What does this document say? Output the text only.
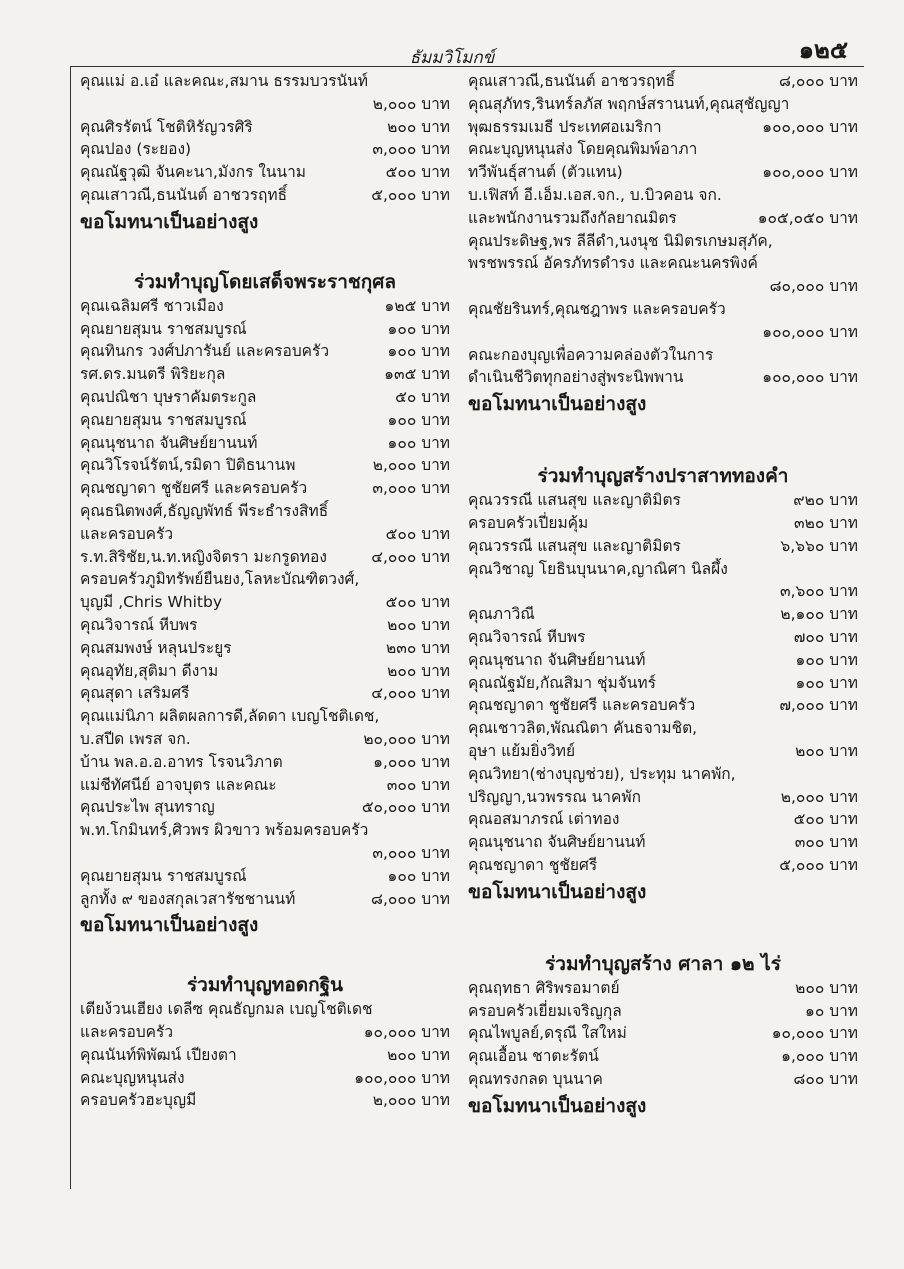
๑๒๕
ธัมมวิโมกข์
คุณแม่ อ.เอ๋ และคณะ,สมาน ธรรมบวรนันท์
๒,๐๐๐ บาท
คุณศิรรัตน์ โชติหิรัญวรศิริ	๒๐๐ บาท
คุณปอง (ระยอง)	๓,๐๐๐ บาท
คุณณัฐวุฒิ จันคะนา,มังกร ในนาม	๕๐๐ บาท
คุณเสาวณี,ธนนันต์ อาชวรฤทธิ์	๕,๐๐๐ บาท
ขอโมทนาเป็นอย่างสูง
ร่วมทำบุญโดยเสด็จพระราชกุศล
คุณเฉลิมศรี ชาวเมือง	๑๒๕ บาท
คุณยายสุมน ราชสมบูรณ์	๑๐๐ บาท
คุณทินกร วงศ์ปภารันย์ และครอบครัว	๑๐๐ บาท
รศ.ดร.มนตรี พิริยะกุล	๑๓๕ บาท
คุณปณิชา บุษราคัมตระกูล	๕๐ บาท
คุณยายสุมน ราชสมบูรณ์	๑๐๐ บาท
คุณนุชนาถ จันศิษย์ยานนท์	๑๐๐ บาท
คุณวิโรจน์รัตน์,รมิดา ปิติธนานพ	๒,๐๐๐ บาท
คุณชญาดา ชูชัยศรี และครอบครัว	๓,๐๐๐ บาท
คุณธนิตพงศ์,ธัญญพัทธ์ พีระธำรงสิทธิ์
และครอบครัว	๕๐๐ บาท
ร.ท.สิริชัย,น.ท.หญิงจิตรา มะกรูดทอง	๔,๐๐๐ บาท
ครอบครัวภูมิทรัพย์ยืนยง,โลหะบัณฑิตวงศ์,
บุญมี ,Chris Whitby	๕๐๐ บาท
คุณวิจารณ์ หีบพร	๒๐๐ บาท
คุณสมพงษ์ หลุนประยูร	๒๓๐ บาท
คุณอุทัย,สุติมา ดีงาม	๒๐๐ บาท
คุณสุดา เสริมศรี	๔,๐๐๐ บาท
คุณแม่นิภา ผลิตผลการดี,ลัดดา เบญโชติเดช,
บ.สปีด เพรส จก.	๒๐,๐๐๐ บาท
บ้าน พล.อ.อ.อาทร โรจนวิภาต	๑,๐๐๐ บาท
แม่ชีทัศนีย์ อาจบุตร และคณะ	๓๐๐ บาท
คุณประไพ สุนทราญ	๕๐,๐๐๐ บาท
พ.ท.โกมินทร์,ศิวพร ผิวขาว พร้อมครอบครัว
๓,๐๐๐ บาท
คุณยายสุมน ราชสมบูรณ์	๑๐๐ บาท
ลูกทั้ง ๙ ของสกุลเวสารัชชานนท์	๘,๐๐๐ บาท
ขอโมทนาเป็นอย่างสูง
ร่วมทำบุญทอดกฐิน
เตียง้วนเฮียง เดลีซ คุณธัญกมล เบญโชติเดช
และครอบครัว	๑๐,๐๐๐ บาท
คุณนันท์พิพัฒน์ เปียงตา	๒๐๐ บาท
คณะบุญหนุนส่ง	๑๐๐,๐๐๐ บาท
ครอบครัวฮะบุญมี	๒,๐๐๐ บาท
คุณเสาวณี,ธนนันต์ อาชวรฤทธิ์	๘,๐๐๐ บาท
คุณสุภัทร,รินทร์ลภัส พฤกษ์สรานนท์,คุณสุชัญญา
พุฒธรรมเมธี ประเทศอเมริกา	๑๐๐,๐๐๐ บาท
คณะบุญหนุนส่ง โดยคุณพิมพ์อาภา
ทวีพันธุ์สานต์ (ตัวแทน)	๑๐๐,๐๐๐ บาท
บ.เฟิสท์ อี.เอ็ม.เอส.จก., บ.บิวคอน จก.
และพนักงานรวมถึงกัลยาณมิตร	๑๐๕,๐๕๐ บาท
คุณประดิษฐ,พร ลีลีดำ,นงนุช นิมิตรเกษมสุภัค,
พรชพรรณ์ อัครภัทรดำรง และคณะนครพิงค์
๘๐,๐๐๐ บาท
คุณชัยรินทร์,คุณชฎาพร และครอบครัว
๑๐๐,๐๐๐ บาท
คณะกองบุญเพื่อความคล่องตัวในการ
ดำเนินชีวิตทุกอย่างสู่พระนิพพาน	๑๐๐,๐๐๐ บาท
ขอโมทนาเป็นอย่างสูง
ร่วมทำบุญสร้างปราสาททองคำ
คุณวรรณี แสนสุข และญาติมิตร	๙๒๐ บาท
ครอบครัวเปี่ยมคุ้ม	๓๒๐ บาท
คุณวรรณี แสนสุข และญาติมิตร	๖,๖๖๐ บาท
คุณวิชาญ โยธินบุนนาค,ญาณิศา นิลผึ้ง
๓,๖๐๐ บาท
คุณภาวิณี	๒,๑๐๐ บาท
คุณวิจารณ์ หีบพร	๗๐๐ บาท
คุณนุชนาถ จันศิษย์ยานนท์	๑๐๐ บาท
คุณณัฐมัย,กัณสิมา ชุ่มจันทร์	๑๐๐ บาท
คุณชญาดา ชูชัยศรี และครอบครัว	๗,๐๐๐ บาท
คุณเชาวลิต,พัณณิตา คันธจามชิต,
อุษา แย้มยิ่งวิทย์	๒๐๐ บาท
คุณวิทยา(ช่างบุญช่วย), ประทุม นาคพัก,
ปริญญา,นวพรรณ นาคพัก	๒,๐๐๐ บาท
คุณอสมาภรณ์ เต่าทอง	๕๐๐ บาท
คุณนุชนาถ จันศิษย์ยานนท์	๓๐๐ บาท
คุณชญาดา ชูชัยศรี	๕,๐๐๐ บาท
ขอโมทนาเป็นอย่างสูง
ร่วมทำบุญสร้าง ศาลา ๑๒ ไร่
คุณฤทธา ศิริพรอมาตย์	๒๐๐ บาท
ครอบครัวเยี่ยมเจริญกุล	๑๐ บาท
คุณไพบูลย์,ดรุณี ใสใหม่	๑๐,๐๐๐ บาท
คุณเอื้อน ชาตะรัตน์	๑,๐๐๐ บาท
คุณทรงกลด บุนนาค	๘๐๐ บาท
ขอโมทนาเป็นอย่างสูง
